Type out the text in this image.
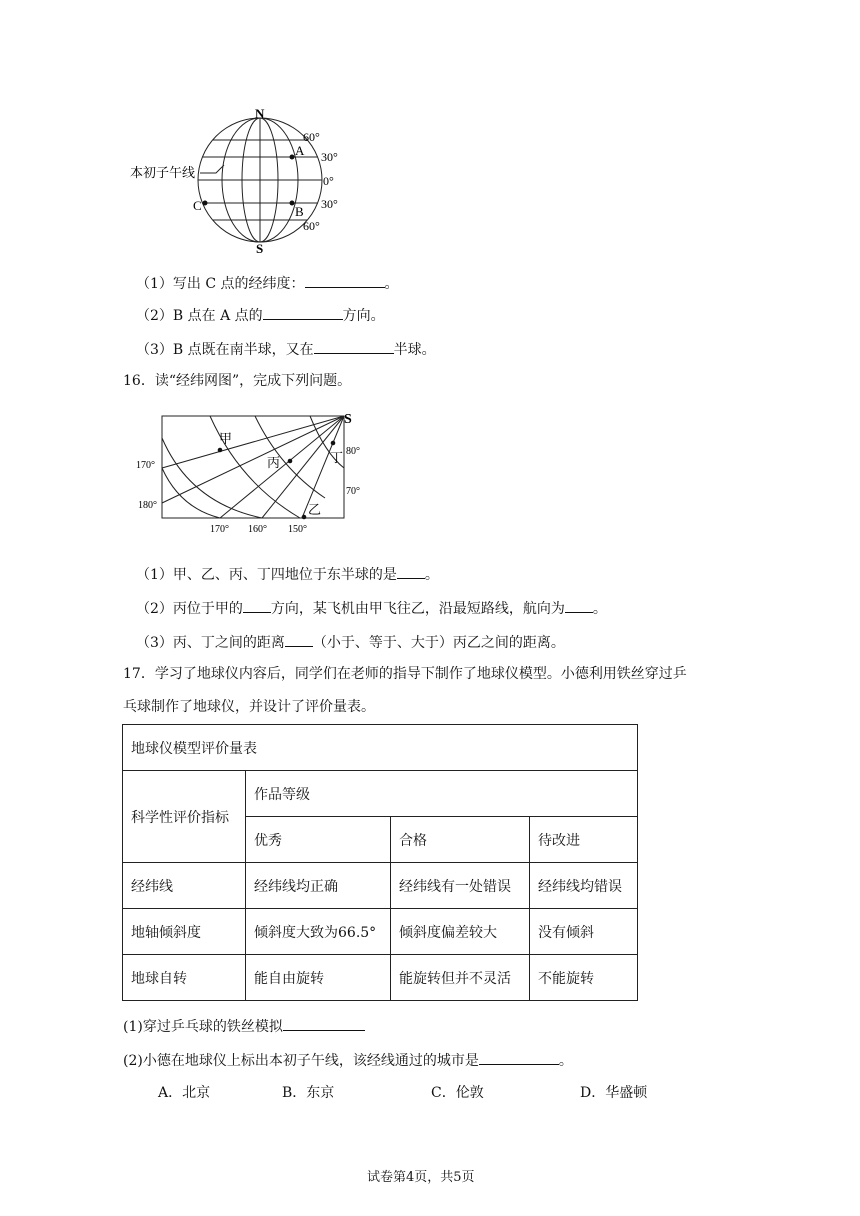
N
S
A
B
C
60°
30°
0°
30°
60°
本初子午线
（1）写出 C 点的经纬度：	。
（2）B 点在 A 点的	方向。
（3）B 点既在南半球，又在	半球。
16．读“经纬网图”，完成下列问题。
S
甲
丙	丁
乙
170°
180°
170° 160° 150°
80°
70°
（1）甲、乙、丙、丁四地位于东半球的是 。
（2）丙位于甲的 方向，某飞机由甲飞往乙，沿最短路线，航向为 。
（3）丙、丁之间的距离 （小于、等于、大于）丙乙之间的距离。
17．学习了地球仪内容后，同学们在老师的指导下制作了地球仪模型。小德利用铁丝穿过乒
乓球制作了地球仪，并设计了评价量表。
地球仪模型评价量表			
科学性评价指标	作品等级		
	优秀	合格	待改进
经纬线	经纬线均正确	经纬线有一处错误	经纬线均错误
地轴倾斜度	倾斜度大致为66.5°	倾斜度偏差较大	没有倾斜
地球自转	能自由旋转	能旋转但并不灵活	不能旋转
(1)穿过乒乓球的铁丝模拟
(2)小德在地球仪上标出本初子午线，该经线通过的城市是	。
A．北京	B．东京	C．伦敦	D．华盛顿
试卷第4页，共5页
